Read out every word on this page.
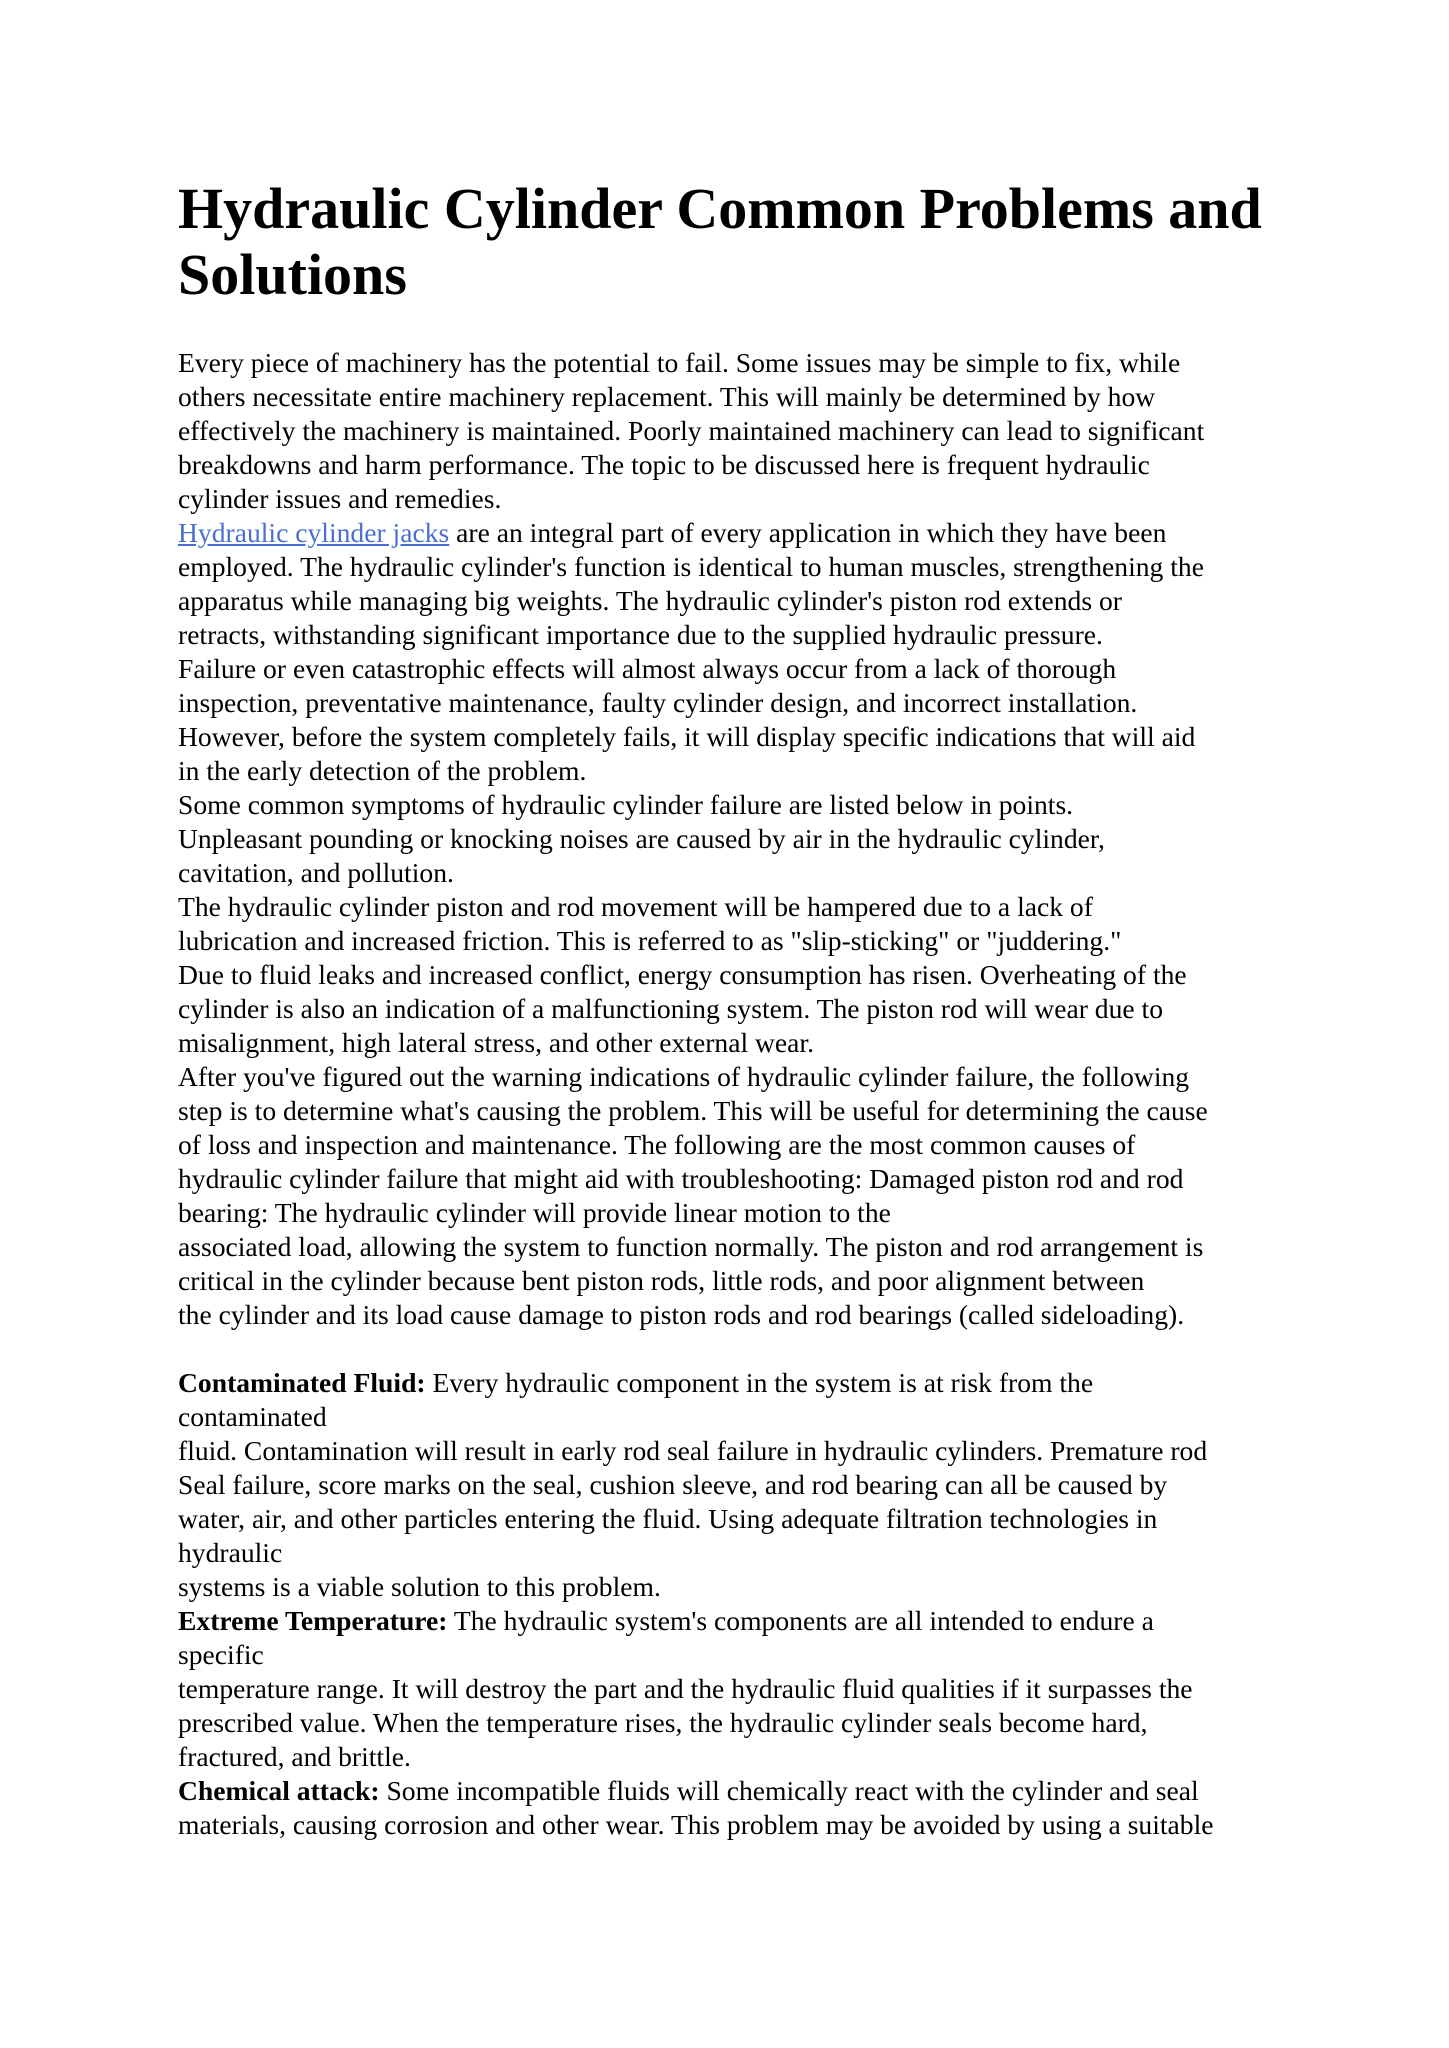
Hydraulic Cylinder Common Problems and
Solutions
Every piece of machinery has the potential to fail. Some issues may be simple to fix, while
others necessitate entire machinery replacement. This will mainly be determined by how
effectively the machinery is maintained. Poorly maintained machinery can lead to significant
breakdowns and harm performance. The topic to be discussed here is frequent hydraulic
cylinder issues and remedies.
Hydraulic cylinder jacks are an integral part of every application in which they have been
employed. The hydraulic cylinder's function is identical to human muscles, strengthening the
apparatus while managing big weights. The hydraulic cylinder's piston rod extends or
retracts, withstanding significant importance due to the supplied hydraulic pressure.
Failure or even catastrophic effects will almost always occur from a lack of thorough
inspection, preventative maintenance, faulty cylinder design, and incorrect installation.
However, before the system completely fails, it will display specific indications that will aid
in the early detection of the problem.
Some common symptoms of hydraulic cylinder failure are listed below in points.
Unpleasant pounding or knocking noises are caused by air in the hydraulic cylinder,
cavitation, and pollution.
The hydraulic cylinder piston and rod movement will be hampered due to a lack of
lubrication and increased friction. This is referred to as "slip-sticking" or "juddering."
Due to fluid leaks and increased conflict, energy consumption has risen. Overheating of the
cylinder is also an indication of a malfunctioning system. The piston rod will wear due to
misalignment, high lateral stress, and other external wear.
After you've figured out the warning indications of hydraulic cylinder failure, the following
step is to determine what's causing the problem. This will be useful for determining the cause
of loss and inspection and maintenance. The following are the most common causes of
hydraulic cylinder failure that might aid with troubleshooting: Damaged piston rod and rod
bearing: The hydraulic cylinder will provide linear motion to the
associated load, allowing the system to function normally. The piston and rod arrangement is
critical in the cylinder because bent piston rods, little rods, and poor alignment between
the cylinder and its load cause damage to piston rods and rod bearings (called sideloading).
Contaminated Fluid: Every hydraulic component in the system is at risk from the
contaminated
fluid. Contamination will result in early rod seal failure in hydraulic cylinders. Premature rod
Seal failure, score marks on the seal, cushion sleeve, and rod bearing can all be caused by
water, air, and other particles entering the fluid. Using adequate filtration technologies in
hydraulic
systems is a viable solution to this problem.
Extreme Temperature: The hydraulic system's components are all intended to endure a
specific
temperature range. It will destroy the part and the hydraulic fluid qualities if it surpasses the
prescribed value. When the temperature rises, the hydraulic cylinder seals become hard,
fractured, and brittle.
Chemical attack: Some incompatible fluids will chemically react with the cylinder and seal
materials, causing corrosion and other wear. This problem may be avoided by using a suitable
